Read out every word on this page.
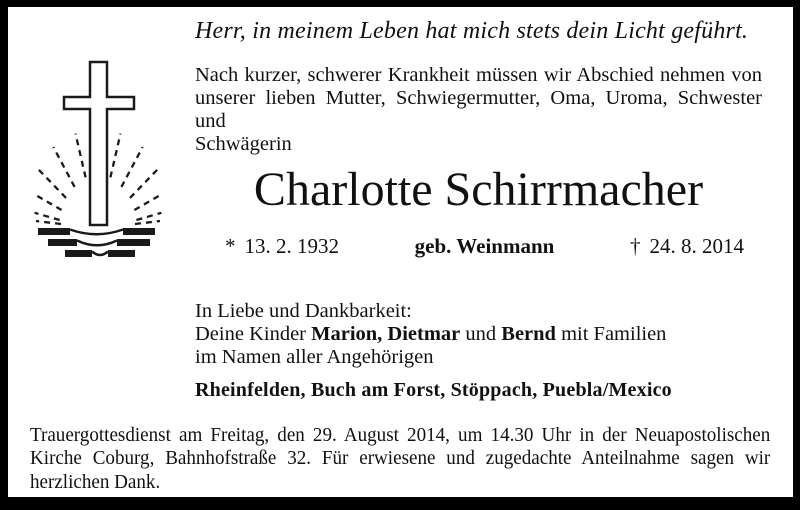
Herr, in meinem Leben hat mich stets dein Licht geführt.
Nach kurzer, schwerer Krankheit müssen wir Abschied nehmen von
unserer lieben Mutter, Schwiegermutter, Oma, Uroma, Schwester und
Schwägerin
Charlotte Schirrmacher
* 13. 2. 1932	geb. Weinmann	† 24. 8. 2014
In Liebe und Dankbarkeit:
Deine Kinder Marion, Dietmar und Bernd mit Familien
im Namen aller Angehörigen
Rheinfelden, Buch am Forst, Stöppach, Puebla/Mexico
Trauergottesdienst am Freitag, den 29. August 2014, um 14.30 Uhr in der Neuapostolischen
Kirche Coburg, Bahnhofstraße 32. Für erwiesene und zugedachte Anteilnahme sagen wir
herzlichen Dank.
